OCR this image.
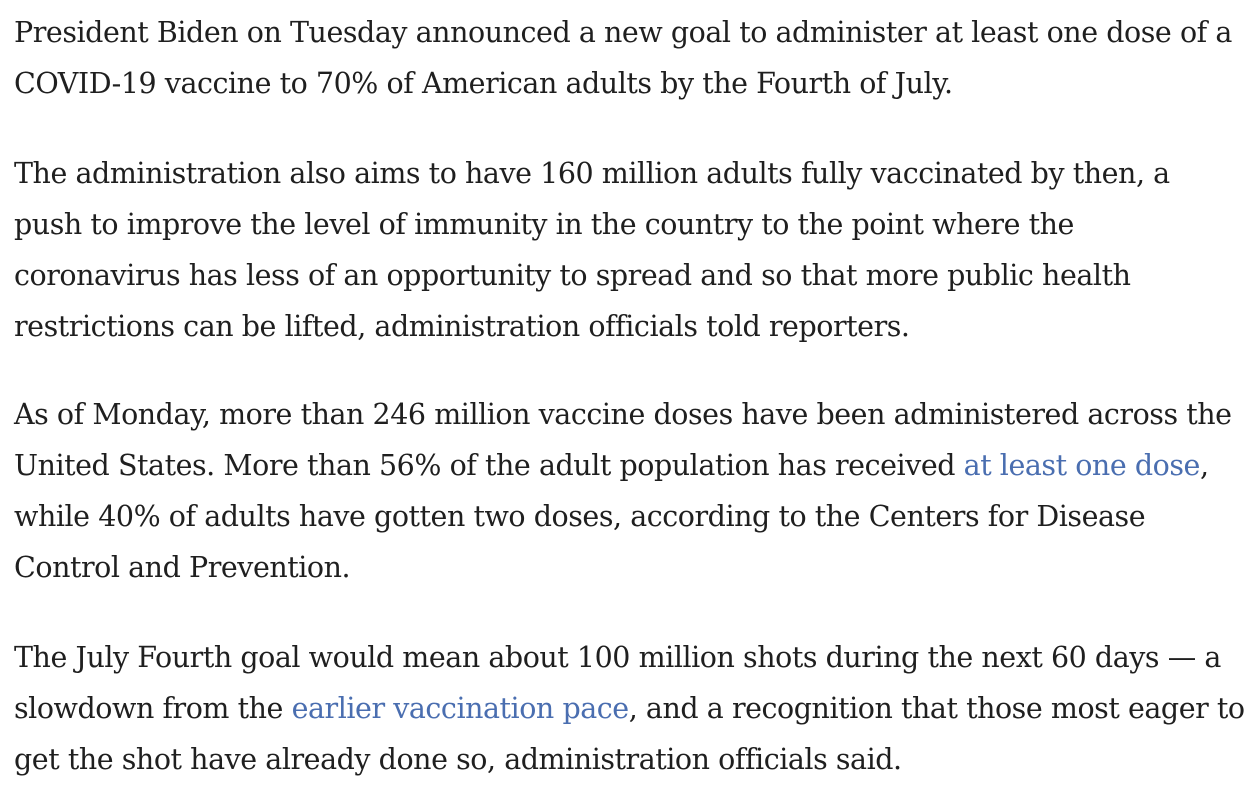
President Biden on Tuesday announced a new goal to administer at least one dose of a
COVID-19 vaccine to 70% of American adults by the Fourth of July.

The administration also aims to have 160 million adults fully vaccinated by then, a
push to improve the level of immunity in the country to the point where the
coronavirus has less of an opportunity to spread and so that more public health
restrictions can be lifted, administration officials told reporters.

As of Monday, more than 246 million vaccine doses have been administered across the
United States. More than 56% of the adult population has received at least one dose,
while 40% of adults have gotten two doses, according to the Centers for Disease
Control and Prevention.

The July Fourth goal would mean about 100 million shots during the next 60 days — a
slowdown from the earlier vaccination pace, and a recognition that those most eager to
get the shot have already done so, administration officials said.
